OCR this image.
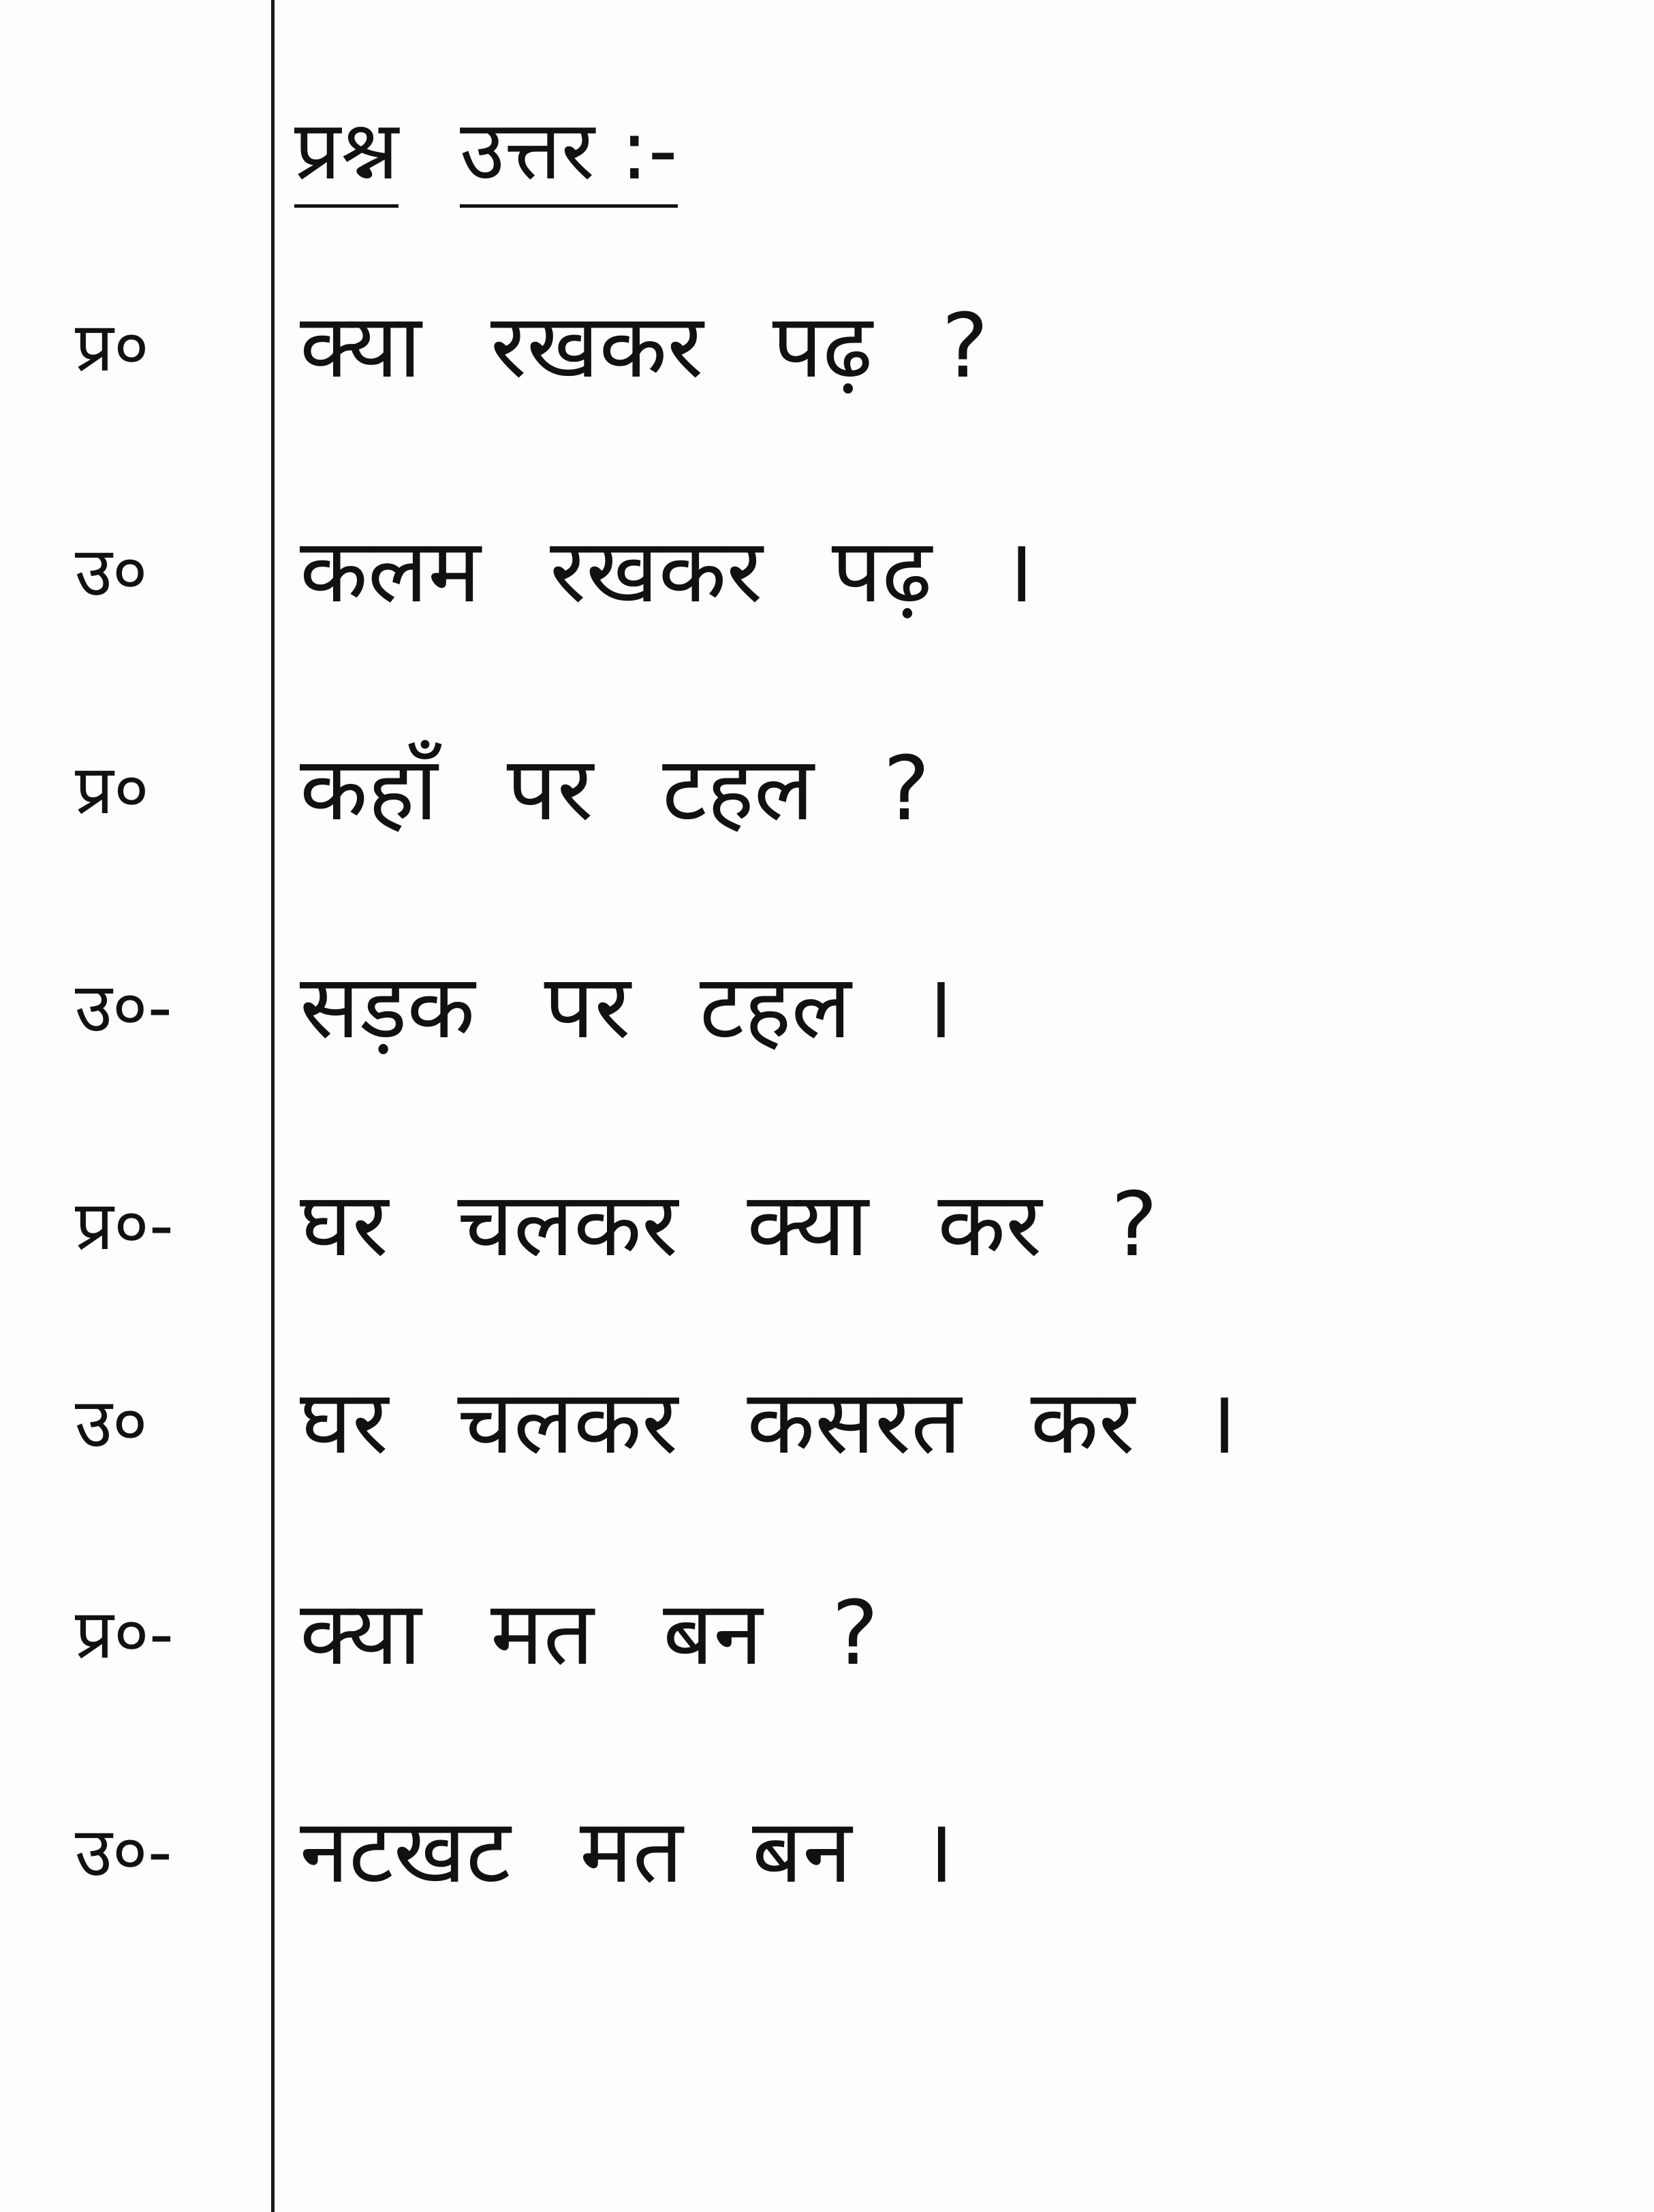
प्रश्न उत्तर :-
प्र० क्या रखकर पढ़ ?
उ० कलम रखकर पढ़ ।
प्र० कहाँ पर टहल ?
उ०- सड़क पर टहल ।
प्र०- घर चलकर क्या कर ?
उ० घर चलकर कसरत कर ।
प्र०- क्या मत बन ?
उ०- नटखट मत बन ।
